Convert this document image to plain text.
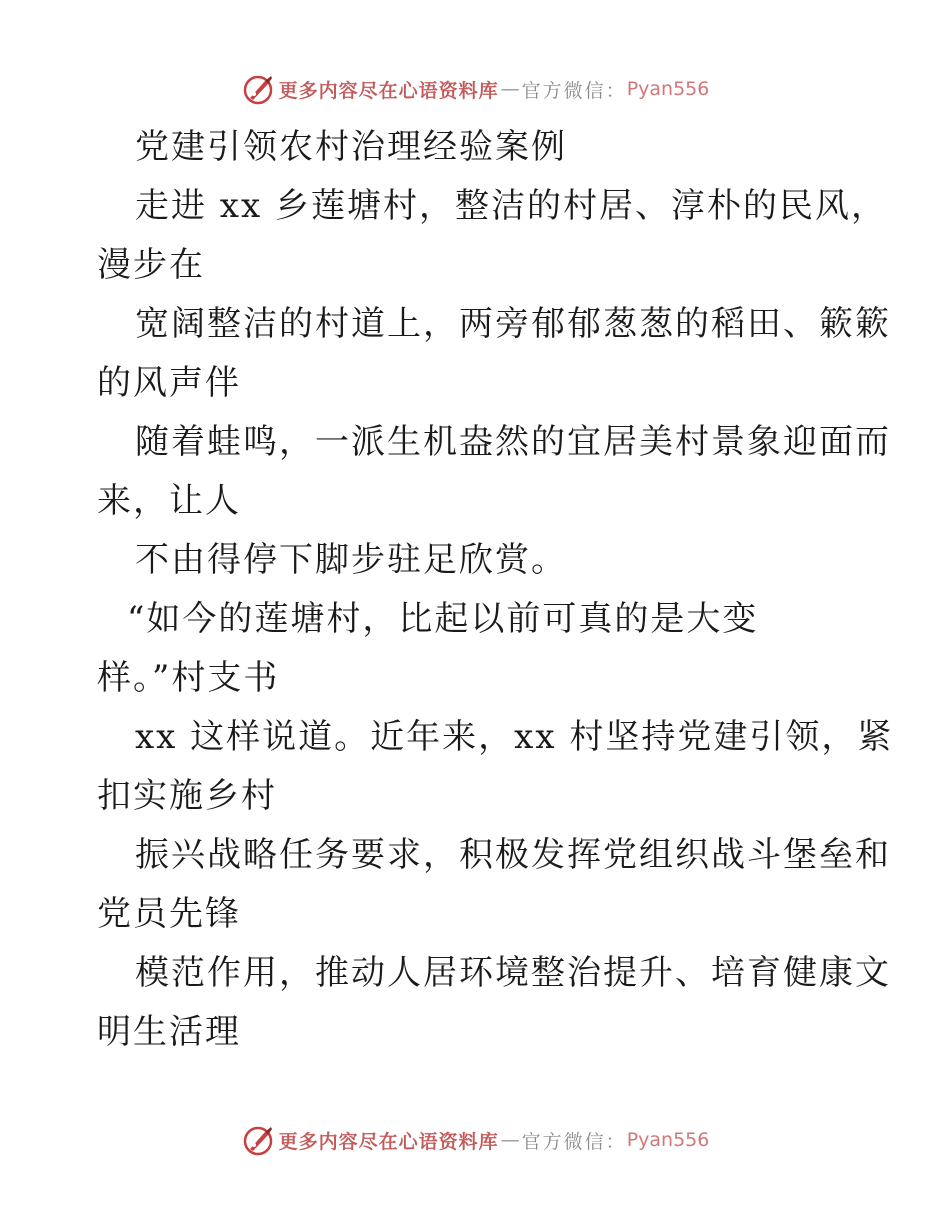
更多内容尽在心语资料库 — 官方微信： Pyan556
党建引领农村治理经验案例
走进 xx 乡莲塘村，整洁的村居、淳朴的民风，
漫步在
宽阔整洁的村道上，两旁郁郁葱葱的稻田、簌簌
的风声伴
随着蛙鸣，一派生机盎然的宜居美村景象迎面而
来，让人
不由得停下脚步驻足欣赏。
“如今的莲塘村，比起以前可真的是大变
样。”村支书
xx 这样说道。近年来，xx 村坚持党建引领，紧
扣实施乡村
振兴战略任务要求，积极发挥党组织战斗堡垒和
党员先锋
模范作用，推动人居环境整治提升、培育健康文
明生活理
更多内容尽在心语资料库 — 官方微信： Pyan556
